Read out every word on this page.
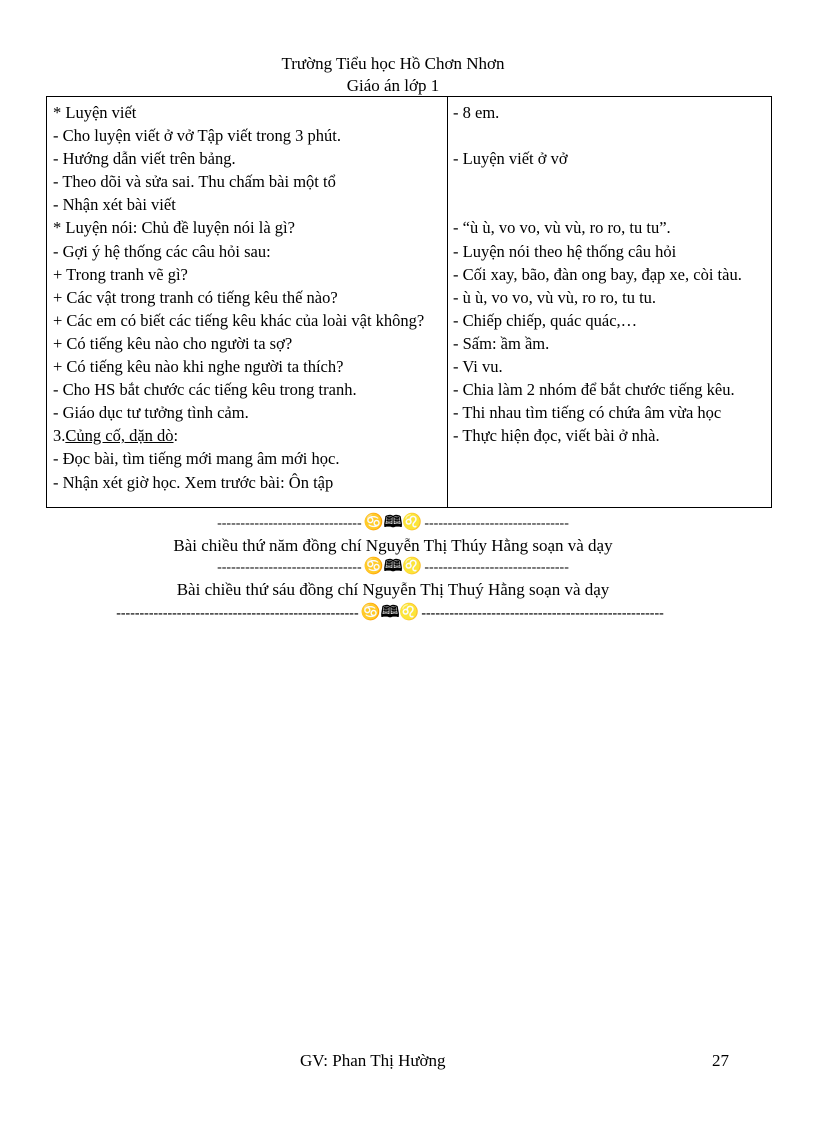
Trường Tiểu học Hồ Chơn Nhơn
Giáo án lớp 1
* Luyện viết
- Cho luyện viết ở vở Tập viết trong 3 phút.
- Hướng dẫn viết trên bảng.
- Theo dõi và sửa sai. Thu chấm bài một tổ
- Nhận xét bài viết
* Luyện nói: Chủ đề luyện nói là gì?
- Gợi ý hệ thống các câu hỏi sau:
+ Trong tranh vẽ gì?
+ Các vật trong tranh có tiếng kêu thế nào?
+ Các em có biết các tiếng kêu khác của loài vật không?
+ Có tiếng kêu nào cho người ta sợ?
+ Có tiếng kêu nào khi nghe người ta thích?
- Cho HS bắt chước các tiếng kêu trong tranh.
- Giáo dục tư tưởng tình cảm.
3.Củng cố, dặn dò:
- Đọc bài, tìm tiếng mới mang âm mới học.
- Nhận xét giờ học. Xem trước bài: Ôn tập
- 8 em.
- Luyện viết ở vở
- “ù ù, vo vo, vù vù, ro ro, tu tu”.
- Luyện nói theo hệ thống câu hỏi
- Cối xay, bão, đàn ong bay, đạp xe, còi tàu.
- ù ù, vo vo, vù vù, ro ro, tu tu.
- Chiếp chiếp, quác quác,…
- Sấm: ầm ầm.
- Vi vu.
- Chia làm 2 nhóm để bắt chước tiếng kêu.
- Thi nhau tìm tiếng có chứa âm vừa học
- Thực hiện đọc, viết bài ở nhà.
------------------------------- ♋🕮♌ -------------------------------
Bài chiều thứ năm đồng chí Nguyễn Thị Thúy Hằng soạn và dạy
------------------------------- ♋🕮♌ -------------------------------
Bài chiều thứ sáu đồng chí Nguyễn Thị Thuý Hằng soạn và dạy
---------------------------------------------------- ♋🕮♌ ----------------------------------------------------
GV: Phan Thị Hường	27
